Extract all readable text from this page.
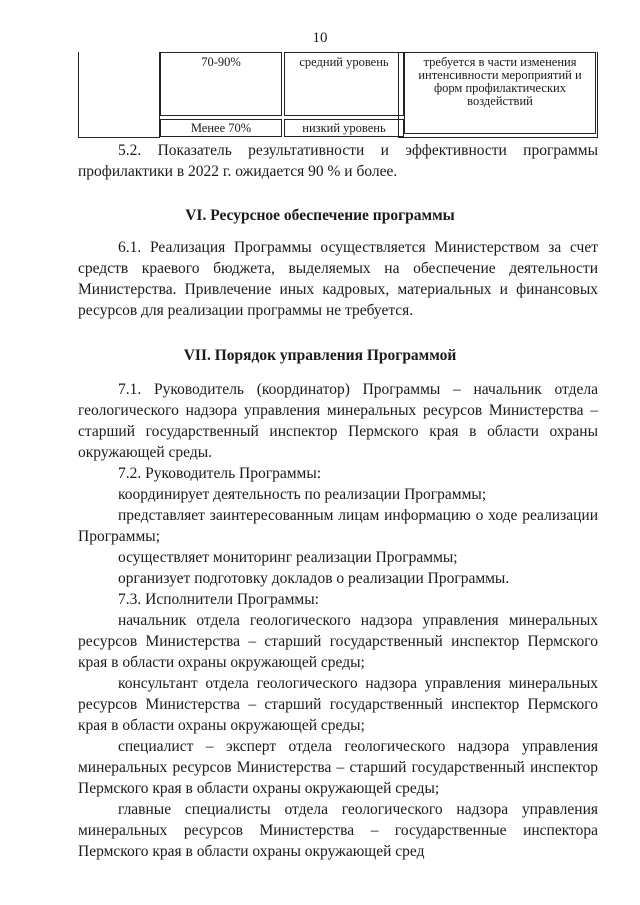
10
70-90%	средний уровень
Менее 70%	низкий уровень
требуется в части изменения
интенсивности мероприятий и
форм профилактических
воздействий

5.2. Показатель результативности и эффективности программы профилактики в 2022 г. ожидается 90 % и более.

VI. Ресурсное обеспечение программы

6.1. Реализация Программы осуществляется Министерством за счет средств краевого бюджета, выделяемых на обеспечение деятельности Министерства. Привлечение иных кадровых, материальных и финансовых ресурсов для реализации программы не требуется.

VII. Порядок управления Программой

7.1. Руководитель (координатор) Программы – начальник отдела геологического надзора управления минеральных ресурсов Министерства – старший государственный инспектор Пермского края в области охраны окружающей среды.

7.2. Руководитель Программы:

координирует деятельность по реализации Программы;

представляет заинтересованным лицам информацию о ходе реализации Программы;

осуществляет мониторинг реализации Программы;

организует подготовку докладов о реализации Программы.

7.3. Исполнители Программы:

начальник отдела геологического надзора управления минеральных ресурсов Министерства – старший государственный инспектор Пермского края в области охраны окружающей среды;

консультант отдела геологического надзора управления минеральных ресурсов Министерства – старший государственный инспектор Пермского края в области охраны окружающей среды;

специалист – эксперт отдела геологического надзора управления минеральных ресурсов Министерства – старший государственный инспектор Пермского края в области охраны окружающей среды;

главные специалисты отдела геологического надзора управления минеральных ресурсов Министерства – государственные инспектора Пермского края в области охраны окружающей сред
